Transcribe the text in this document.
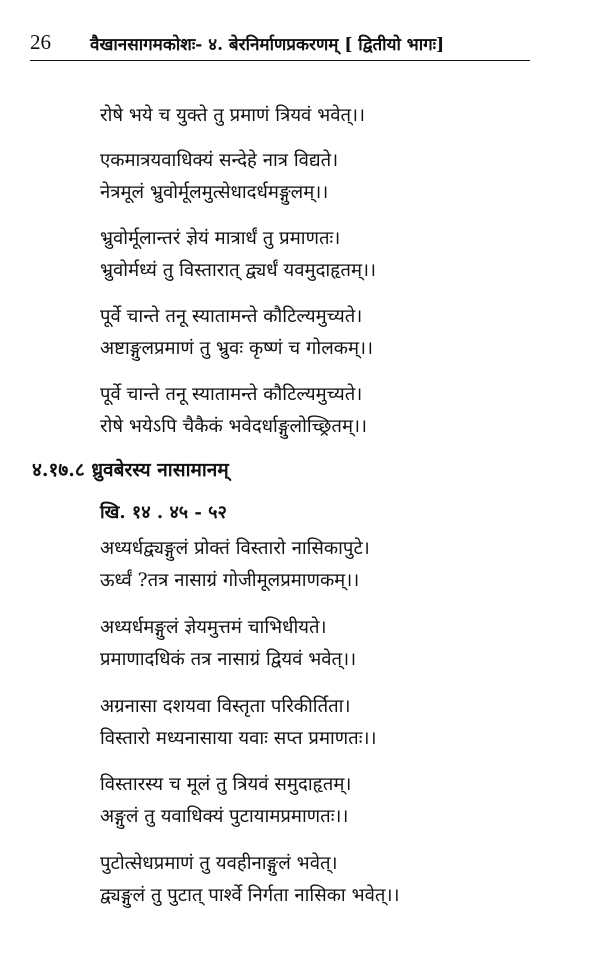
26 वैखानसागमकोशः- ४. बेरनिर्माणप्रकरणम् [ द्वितीयो भागः]
रोषे भये च युक्ते तु प्रमाणं त्रियवं भवेत्।।
एकमात्रयवाधिक्यं सन्देहे नात्र विद्यते।
नेत्रमूलं भ्रुवोर्मूलमुत्सेधादर्धमङ्गुलम्।।
भ्रुवोर्मूलान्तरं ज्ञेयं मात्रार्धं तु प्रमाणतः।
भ्रुवोर्मध्यं तु विस्तारात् द्व्यर्धं यवमुदाहृतम्।।
पूर्वे चान्ते तनू स्यातामन्ते कौटिल्यमुच्यते।
अष्टाङ्गुलप्रमाणं तु भ्रुवः कृष्णं च गोलकम्।।
पूर्वे चान्ते तनू स्यातामन्ते कौटिल्यमुच्यते।
रोषे भयेऽपि चैकैकं भवेदर्धाङ्गुलोच्छ्रितम्।।
४.१७.८ ध्रुवबेरस्य नासामानम्
खि. १४ . ४५ - ५२
अध्यर्धद्व्यङ्गुलं प्रोक्तं विस्तारो नासिकापुटे।
ऊर्ध्वं ?तत्र नासाग्रं गोजीमूलप्रमाणकम्।।
अध्यर्धमङ्गुलं ज्ञेयमुत्तमं चाभिधीयते।
प्रमाणादधिकं तत्र नासाग्रं द्वियवं भवेत्।।
अग्रनासा दशयवा विस्तृता परिकीर्तिता।
विस्तारो मध्यनासाया यवाः सप्त प्रमाणतः।।
विस्तारस्य च मूलं तु त्रियवं समुदाहृतम्।
अङ्गुलं तु यवाधिक्यं पुटायामप्रमाणतः।।
पुटोत्सेधप्रमाणं तु यवहीनाङ्गुलं भवेत्।
द्व्यङ्गुलं तु पुटात् पार्श्वे निर्गता नासिका भवेत्।।
